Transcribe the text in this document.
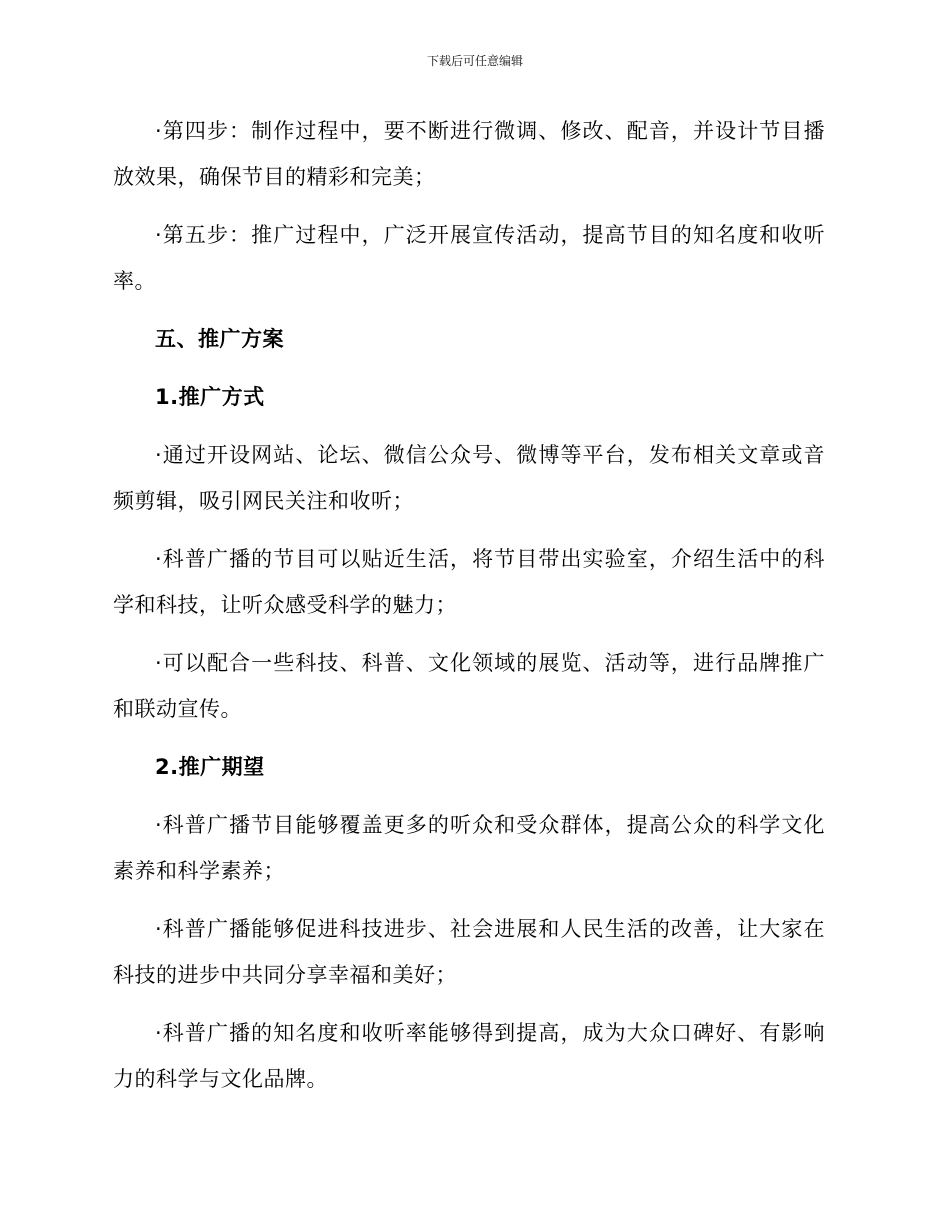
下载后可任意编辑

·第四步：制作过程中，要不断进行微调、修改、配音，并设计节目播放效果，确保节目的精彩和完美；

·第五步：推广过程中，广泛开展宣传活动，提高节目的知名度和收听率。

五、推广方案
1.推广方式

·通过开设网站、论坛、微信公众号、微博等平台，发布相关文章或音频剪辑，吸引网民关注和收听；

·科普广播的节目可以贴近生活，将节目带出实验室，介绍生活中的科学和科技，让听众感受科学的魅力；

·可以配合一些科技、科普、文化领域的展览、活动等，进行品牌推广和联动宣传。

2.推广期望

·科普广播节目能够覆盖更多的听众和受众群体，提高公众的科学文化素养和科学素养；

·科普广播能够促进科技进步、社会进展和人民生活的改善，让大家在科技的进步中共同分享幸福和美好；

·科普广播的知名度和收听率能够得到提高，成为大众口碑好、有影响力的科学与文化品牌。
